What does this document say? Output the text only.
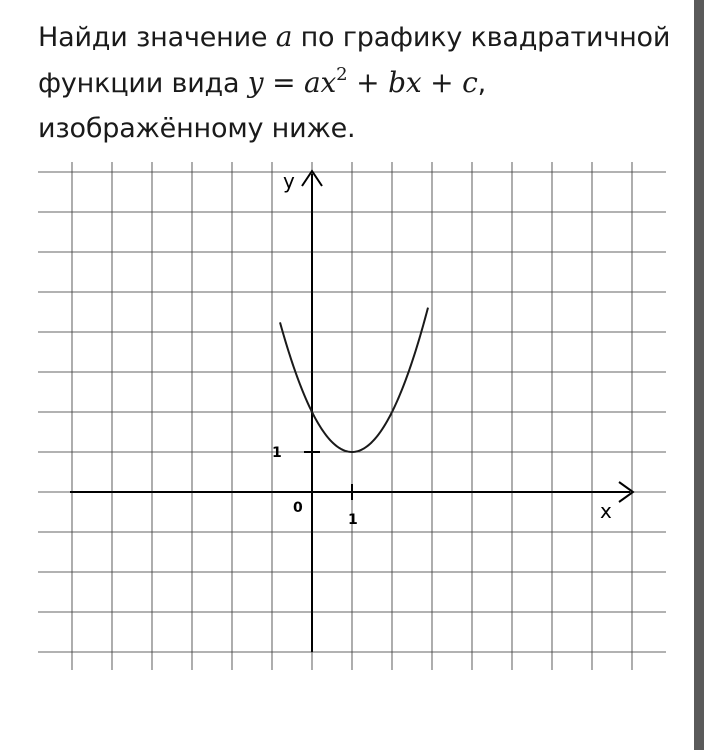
Найди значение a по графику квадратичной функции вида $y = ax^2$ + bx + c, изображённому ниже.
y
x
0
1
1
